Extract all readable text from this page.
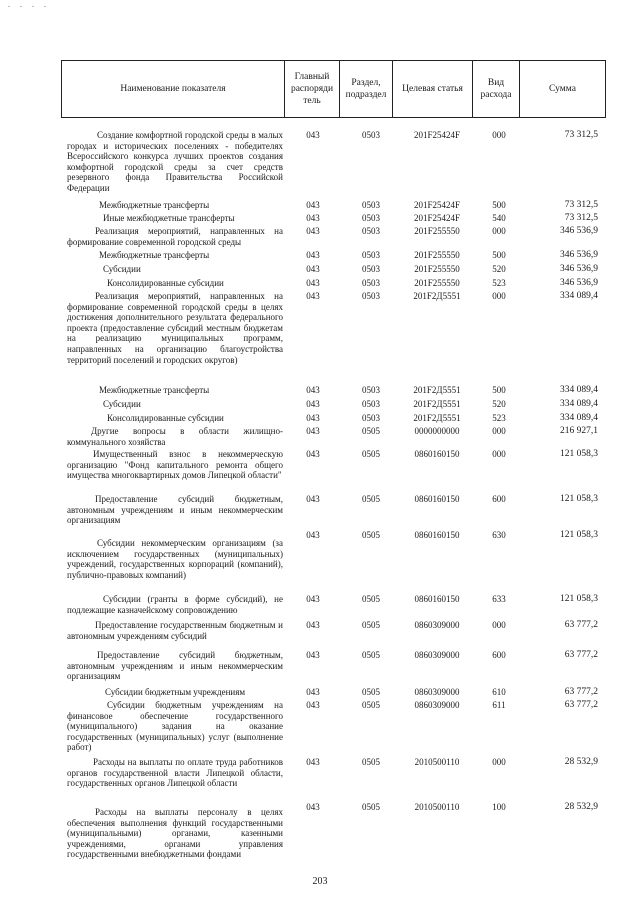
Наименование показателя
Главный
распоряди
тель
Раздел,
подраздел
Целевая статья
Вид
расхода
Сумма
Создание комфортной городской среды в малых городах и исторических поселениях - победителях Всероссийского конкурса лучших проектов создания комфортной городской среды за счет средств резервного фонда Правительства Российской Федерации
043	0503	201F25424F	000	73 312,5
Межбюджетные трансферты	043	0503	201F25424F	500	73 312,5
Иные межбюджетные трансферты	043	0503	201F25424F	540	73 312,5
Реализация мероприятий, направленных на формирование современной городской среды
043	0503	201F255550	000	346 536,9
Межбюджетные трансферты	043	0503	201F255550	500	346 536,9
Субсидии	043	0503	201F255550	520	346 536,9
Консолидированные субсидии	043	0503	201F255550	523	346 536,9
Реализация мероприятий, направленных на формирование современной городской среды в целях достижения дополнительного результата федерального проекта (предоставление субсидий местным бюджетам на реализацию муниципальных программ, направленных на организацию благоустройства территорий поселений и городских округов)
043	0503	201F2Д5551	000	334 089,4
Межбюджетные трансферты	043	0503	201F2Д5551	500	334 089,4
Субсидии	043	0503	201F2Д5551	520	334 089,4
Консолидированные субсидии	043	0503	201F2Д5551	523	334 089,4
Другие вопросы в области жилищно-коммунального хозяйства
043	0505	0000000000	000	216 927,1
Имущественный взнос в некоммерческую организацию "Фонд капитального ремонта общего имущества многоквартирных домов Липецкой области"
043	0505	0860160150	000	121 058,3
Предоставление субсидий бюджетным, автономным учреждениям и иным некоммерческим организациям
043	0505	0860160150	600	121 058,3
Субсидии некоммерческим организациям (за исключением государственных (муниципальных) учреждений, государственных корпораций (компаний), публично-правовых компаний)
043	0505	0860160150	630	121 058,3
Субсидии (гранты в форме субсидий), не подлежащие казначейскому сопровождению
043	0505	0860160150	633	121 058,3
Предоставление государственным бюджетным и автономным учреждениям субсидий
043	0505	0860309000	000	63 777,2
Предоставление субсидий бюджетным, автономным учреждениям и иным некоммерческим организациям
043	0505	0860309000	600	63 777,2
Субсидии бюджетным учреждениям	043	0505	0860309000	610	63 777,2
Субсидии бюджетным учреждениям на финансовое обеспечение государственного (муниципального) задания на оказание государственных (муниципальных) услуг (выполнение работ)
043	0505	0860309000	611	63 777,2
Расходы на выплаты по оплате труда работников органов государственной власти Липецкой области, государственных органов Липецкой области
043	0505	2010500110	000	28 532,9
Расходы на выплаты персоналу в целях обеспечения выполнения функций государственными (муниципальными) органами, казенными учреждениями, органами управления государственными внебюджетными фондами
043	0505	2010500110	100	28 532,9
203
